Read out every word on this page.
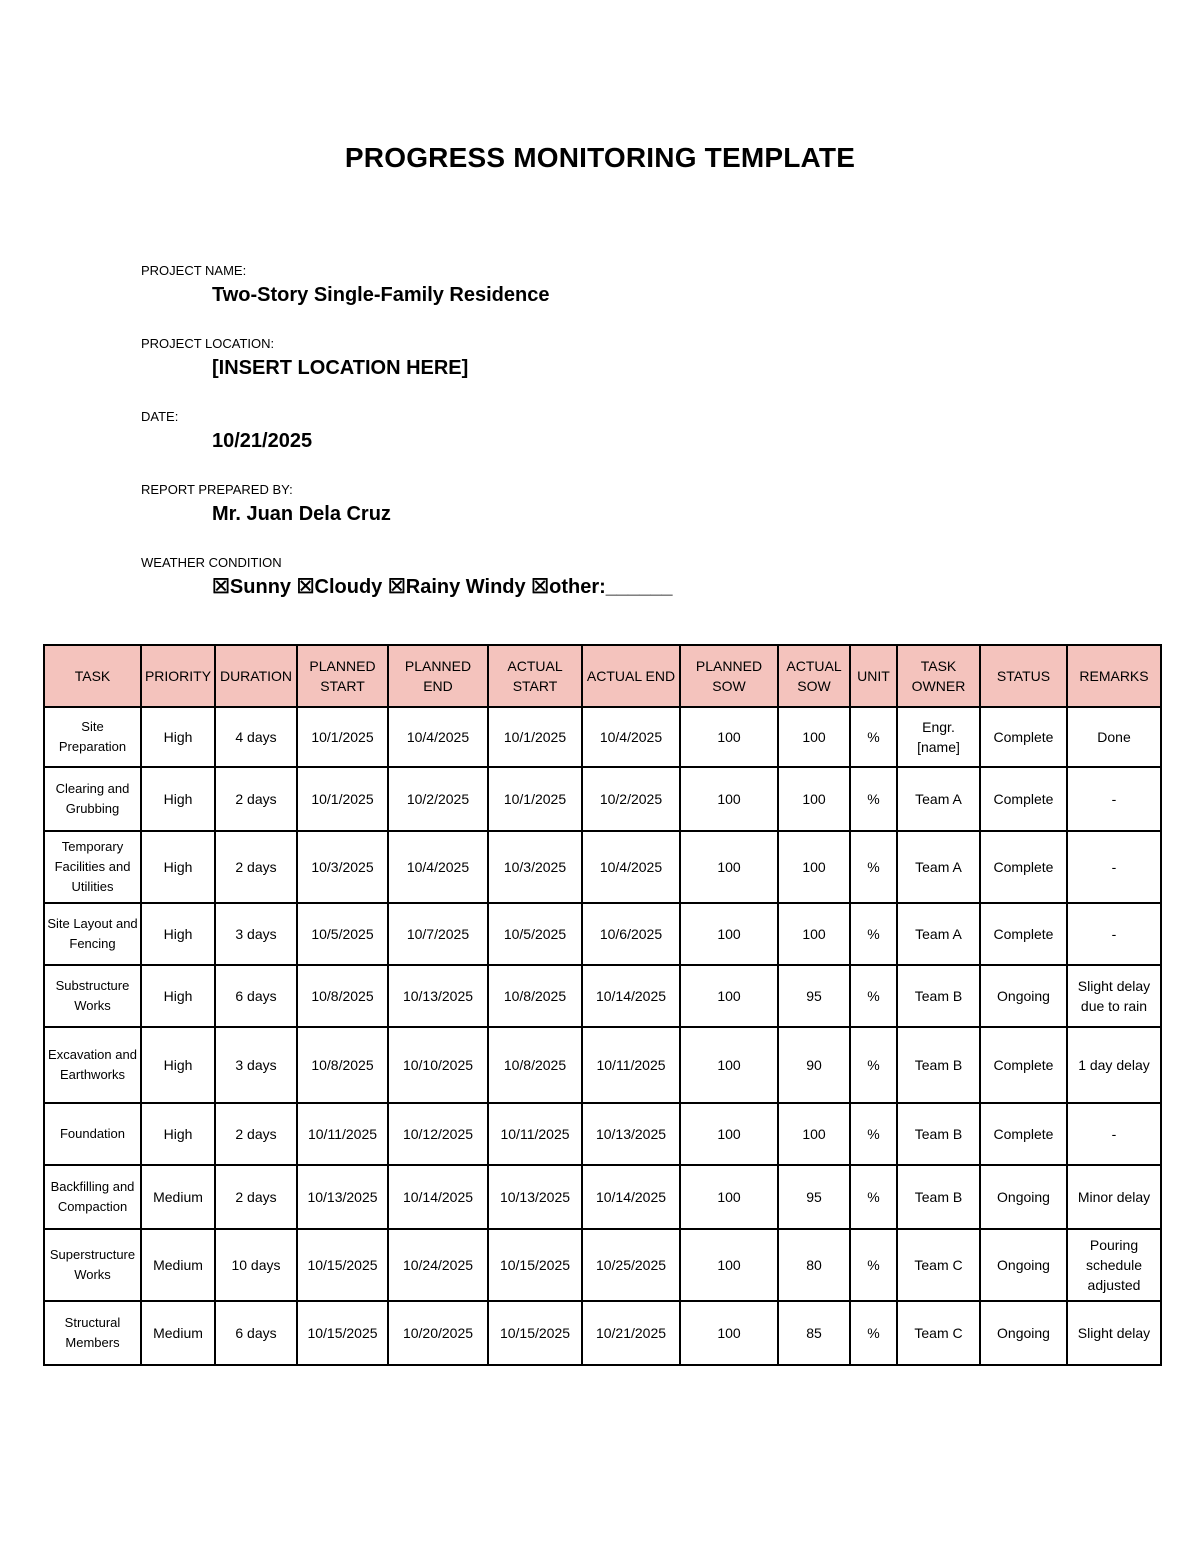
PROGRESS MONITORING TEMPLATE
PROJECT NAME:
Two-Story Single-Family Residence
PROJECT LOCATION:
[INSERT LOCATION HERE]
DATE:
10/21/2025
REPORT PREPARED BY:
Mr. Juan Dela Cruz
WEATHER CONDITION
☒Sunny ☒Cloudy ☒Rainy Windy ☒other:______
TASK	PRIORITY	DURATION	PLANNED START	PLANNED END	ACTUAL START	ACTUAL END	PLANNED SOW	ACTUAL SOW	UNIT	TASK OWNER	STATUS	REMARKS
Site Preparation	High	4 days	10/1/2025	10/4/2025	10/1/2025	10/4/2025	100	100	%	Engr. [name]	Complete	Done
Clearing and Grubbing	High	2 days	10/1/2025	10/2/2025	10/1/2025	10/2/2025	100	100	%	Team A	Complete	-
Temporary Facilities and Utilities	High	2 days	10/3/2025	10/4/2025	10/3/2025	10/4/2025	100	100	%	Team A	Complete	-
Site Layout and Fencing	High	3 days	10/5/2025	10/7/2025	10/5/2025	10/6/2025	100	100	%	Team A	Complete	-
Substructure Works	High	6 days	10/8/2025	10/13/2025	10/8/2025	10/14/2025	100	95	%	Team B	Ongoing	Slight delay due to rain
Excavation and Earthworks	High	3 days	10/8/2025	10/10/2025	10/8/2025	10/11/2025	100	90	%	Team B	Complete	1 day delay
Foundation	High	2 days	10/11/2025	10/12/2025	10/11/2025	10/13/2025	100	100	%	Team B	Complete	-
Backfilling and Compaction	Medium	2 days	10/13/2025	10/14/2025	10/13/2025	10/14/2025	100	95	%	Team B	Ongoing	Minor delay
Superstructure Works	Medium	10 days	10/15/2025	10/24/2025	10/15/2025	10/25/2025	100	80	%	Team C	Ongoing	Pouring schedule adjusted
Structural Members	Medium	6 days	10/15/2025	10/20/2025	10/15/2025	10/21/2025	100	85	%	Team C	Ongoing	Slight delay
